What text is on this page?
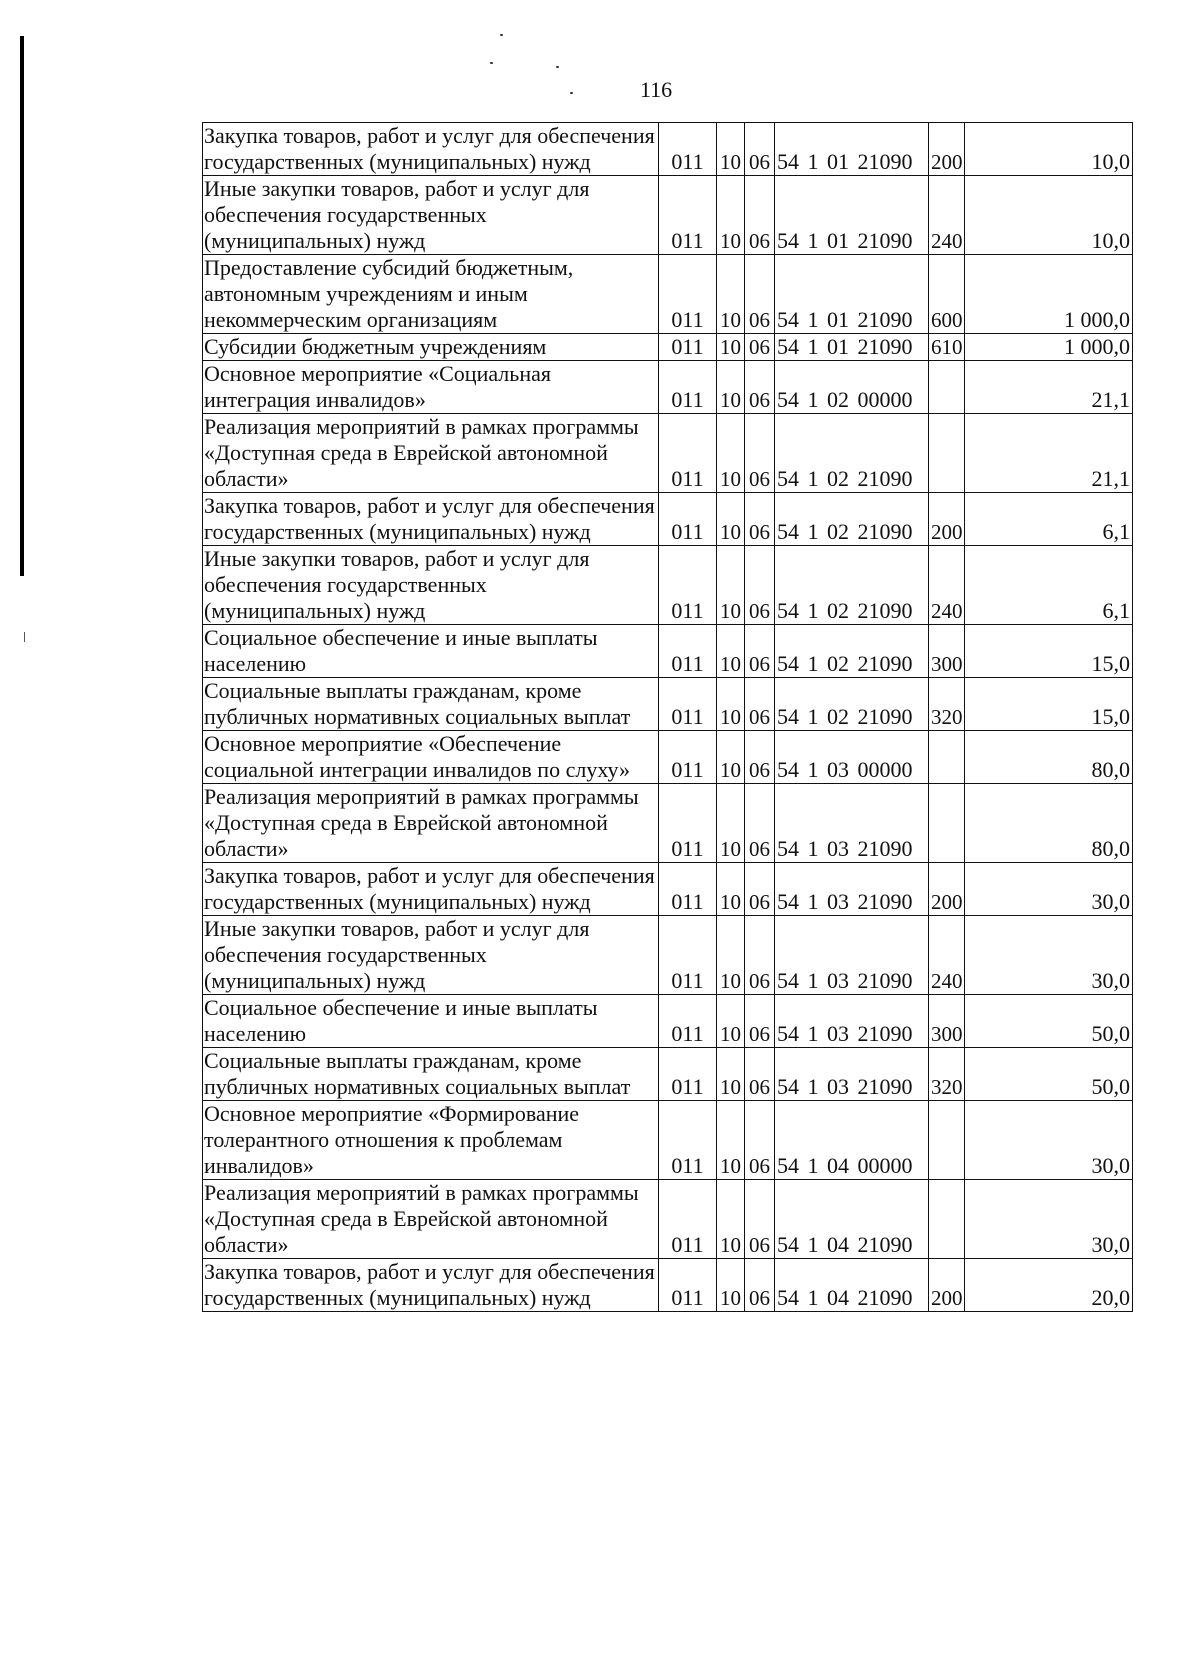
116
Закупка товаров, работ и услуг для обеспечения государственных (муниципальных) нужд	011	10	06	54 1 01 21090	200	10,0
Иные закупки товаров, работ и услуг для обеспечения государственных (муниципальных) нужд	011	10	06	54 1 01 21090	240	10,0
Предоставление субсидий бюджетным, автономным учреждениям и иным некоммерческим организациям	011	10	06	54 1 01 21090	600	1 000,0
Субсидии бюджетным учреждениям	011	10	06	54 1 01 21090	610	1 000,0
Основное мероприятие «Социальная интеграция инвалидов»	011	10	06	54 1 02 00000		21,1
Реализация мероприятий в рамках программы «Доступная среда в Еврейской автономной области»	011	10	06	54 1 02 21090		21,1
Закупка товаров, работ и услуг для обеспечения государственных (муниципальных) нужд	011	10	06	54 1 02 21090	200	6,1
Иные закупки товаров, работ и услуг для обеспечения государственных (муниципальных) нужд	011	10	06	54 1 02 21090	240	6,1
Социальное обеспечение и иные выплаты населению	011	10	06	54 1 02 21090	300	15,0
Социальные выплаты гражданам, кроме публичных нормативных социальных выплат	011	10	06	54 1 02 21090	320	15,0
Основное мероприятие «Обеспечение социальной интеграции инвалидов по слуху»	011	10	06	54 1 03 00000		80,0
Реализация мероприятий в рамках программы «Доступная среда в Еврейской автономной области»	011	10	06	54 1 03 21090		80,0
Закупка товаров, работ и услуг для обеспечения государственных (муниципальных) нужд	011	10	06	54 1 03 21090	200	30,0
Иные закупки товаров, работ и услуг для обеспечения государственных (муниципальных) нужд	011	10	06	54 1 03 21090	240	30,0
Социальное обеспечение и иные выплаты населению	011	10	06	54 1 03 21090	300	50,0
Социальные выплаты гражданам, кроме публичных нормативных социальных выплат	011	10	06	54 1 03 21090	320	50,0
Основное мероприятие «Формирование толерантного отношения к проблемам инвалидов»	011	10	06	54 1 04 00000		30,0
Реализация мероприятий в рамках программы «Доступная среда в Еврейской автономной области»	011	10	06	54 1 04 21090		30,0
Закупка товаров, работ и услуг для обеспечения государственных (муниципальных) нужд	011	10	06	54 1 04 21090	200	20,0
